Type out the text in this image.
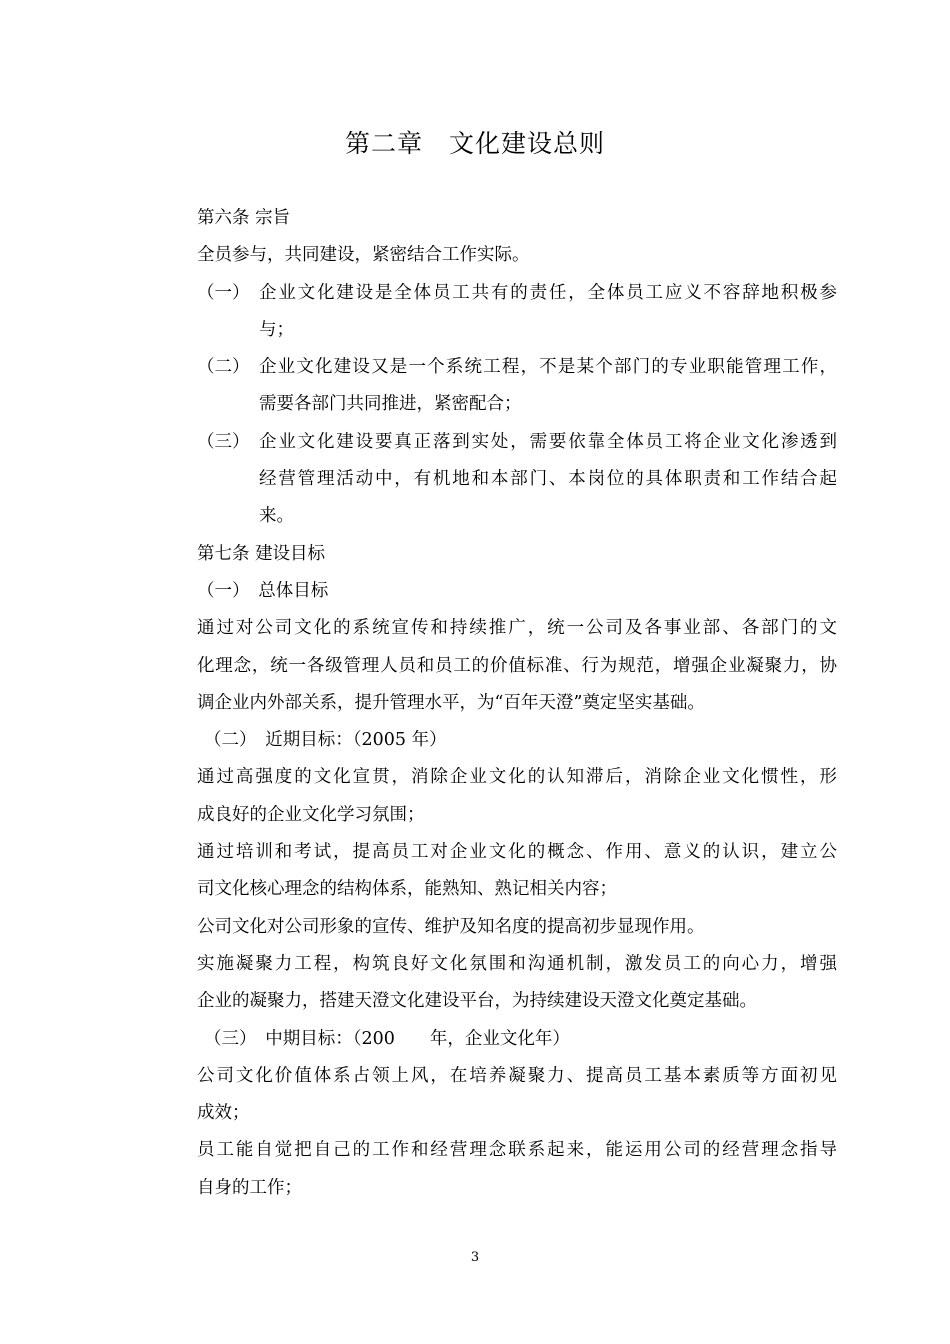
第二章　文化建设总则
第六条 宗旨
全员参与，共同建设，紧密结合工作实际。
（一） 企业文化建设是全体员工共有的责任，全体员工应义不容辞地积极参
与；
（二） 企业文化建设又是一个系统工程，不是某个部门的专业职能管理工作，
需要各部门共同推进，紧密配合；
（三） 企业文化建设要真正落到实处，需要依靠全体员工将企业文化渗透到
经营管理活动中，有机地和本部门、本岗位的具体职责和工作结合起
来。
第七条 建设目标
（一）　总体目标
通过对公司文化的系统宣传和持续推广，统一公司及各事业部、各部门的文
化理念，统一各级管理人员和员工的价值标准、行为规范，增强企业凝聚力，协
调企业内外部关系，提升管理水平，为“百年天澄”奠定坚实基础。
（二）　近期目标：（2005 年）
通过高强度的文化宣贯，消除企业文化的认知滞后，消除企业文化惯性，形
成良好的企业文化学习氛围；
通过培训和考试，提高员工对企业文化的概念、作用、意义的认识，建立公
司文化核心理念的结构体系，能熟知、熟记相关内容；
公司文化对公司形象的宣传、维护及知名度的提高初步显现作用。
实施凝聚力工程，构筑良好文化氛围和沟通机制，激发员工的向心力，增强
企业的凝聚力，搭建天澄文化建设平台，为持续建设天澄文化奠定基础。
（三）　中期目标：（200　　年，企业文化年）
公司文化价值体系占领上风，在培养凝聚力、提高员工基本素质等方面初见
成效；
员工能自觉把自己的工作和经营理念联系起来，能运用公司的经营理念指导
自身的工作；
3
